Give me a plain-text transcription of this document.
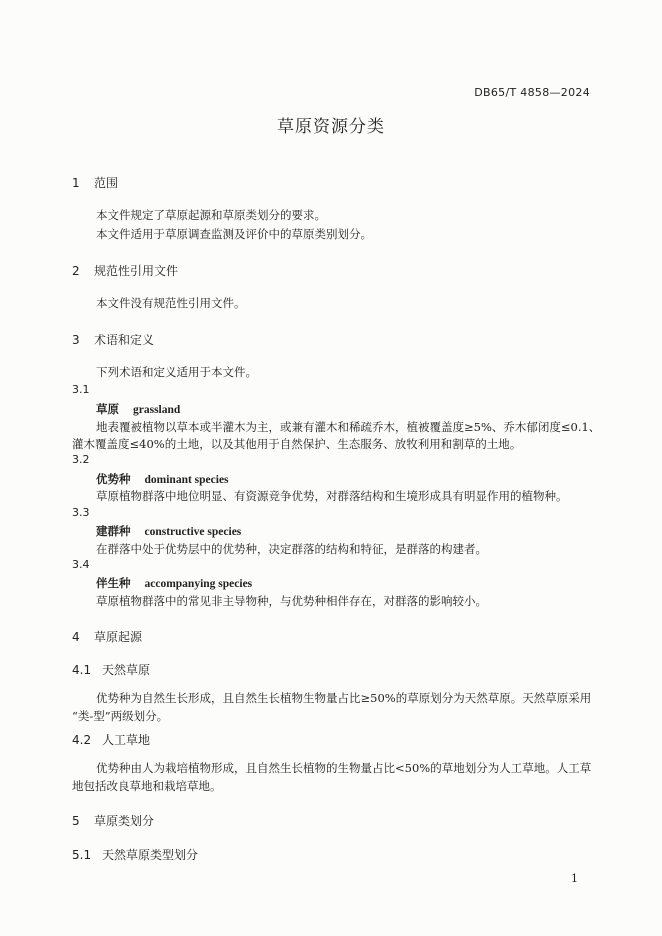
DB65/T 4858—2024
草原资源分类
1 范围
本文件规定了草原起源和草原类划分的要求。
本文件适用于草原调查监测及评价中的草原类别划分。
2 规范性引用文件
本文件没有规范性引用文件。
3 术语和定义
下列术语和定义适用于本文件。
3.1
草原 grassland
地表覆被植物以草本或半灌木为主，或兼有灌木和稀疏乔木，植被覆盖度≥5%、乔木郁闭度≤0.1、
灌木覆盖度≤40%的土地，以及其他用于自然保护、生态服务、放牧利用和割草的土地。
3.2
优势种 dominant species
草原植物群落中地位明显、有资源竞争优势，对群落结构和生境形成具有明显作用的植物种。
3.3
建群种 constructive species
在群落中处于优势层中的优势种，决定群落的结构和特征，是群落的构建者。
3.4
伴生种 accompanying species
草原植物群落中的常见非主导物种，与优势种相伴存在，对群落的影响较小。
4 草原起源
4.1 天然草原
优势种为自然生长形成，且自然生长植物生物量占比≥50%的草原划分为天然草原。天然草原采用
“类-型”两级划分。
4.2 人工草地
优势种由人为栽培植物形成，且自然生长植物的生物量占比<50%的草地划分为人工草地。人工草
地包括改良草地和栽培草地。
5 草原类划分
5.1 天然草原类型划分
1
